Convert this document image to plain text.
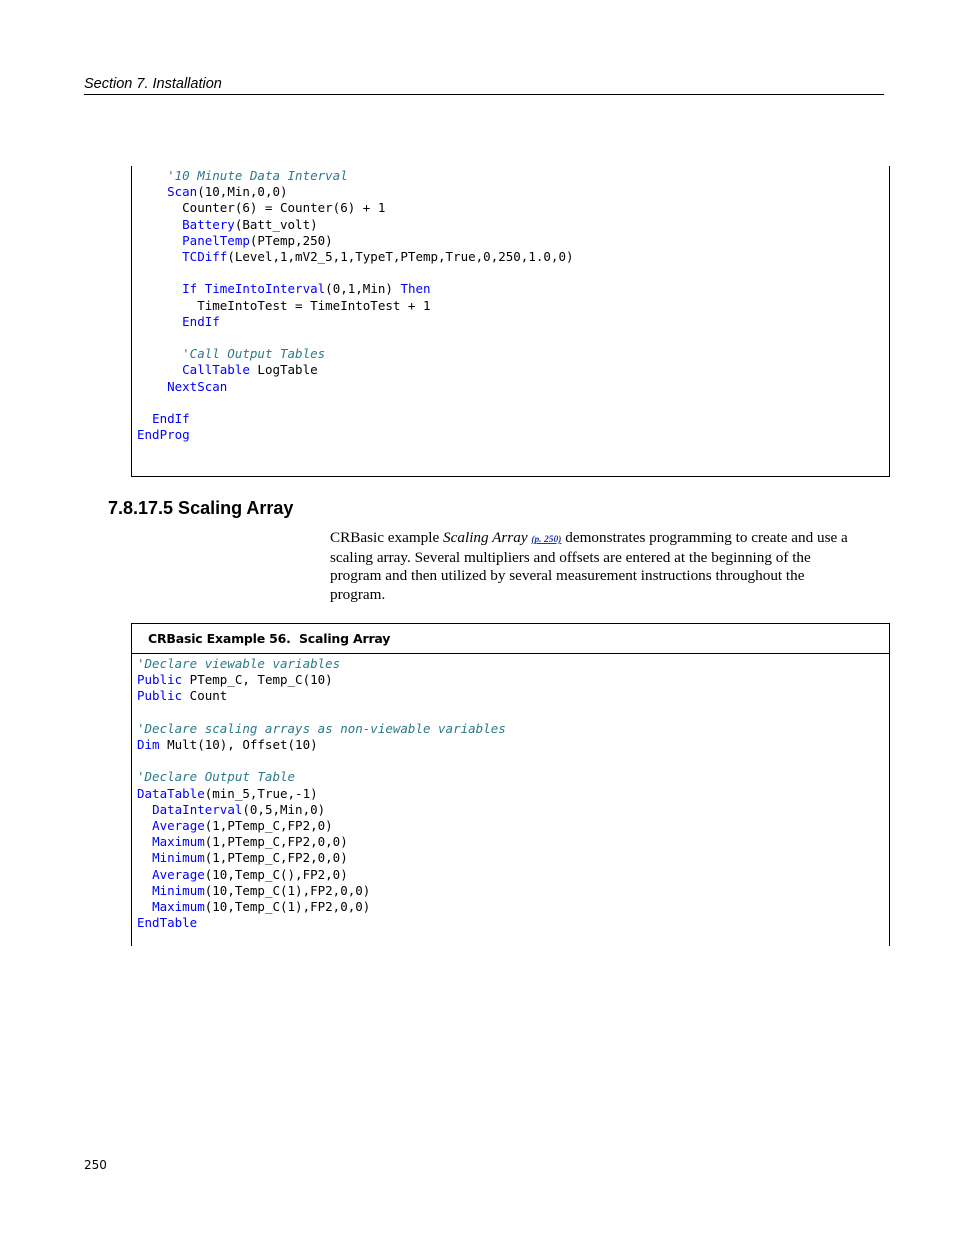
Section 7. Installation
'10 Minute Data Interval
Scan(10,Min,0,0)
Counter(6) = Counter(6) + 1
Battery(Batt_volt)
PanelTemp(PTemp,250)
TCDiff(Level,1,mV2_5,1,TypeT,PTemp,True,0,250,1.0,0)

If TimeIntoInterval(0,1,Min) Then
TimeIntoTest = TimeIntoTest + 1
EndIf

'Call Output Tables
CallTable LogTable
NextScan

EndIf
EndProg
7.8.17.5 Scaling Array
CRBasic example Scaling Array (p. 250) demonstrates programming to create and use a scaling array. Several multipliers and offsets are entered at the beginning of the program and then utilized by several measurement instructions throughout the program.
CRBasic Example 56. Scaling Array
'Declare viewable variables
Public PTemp_C, Temp_C(10)
Public Count

'Declare scaling arrays as non-viewable variables
Dim Mult(10), Offset(10)

'Declare Output Table
DataTable(min_5,True,-1)
DataInterval(0,5,Min,0)
Average(1,PTemp_C,FP2,0)
Maximum(1,PTemp_C,FP2,0,0)
Minimum(1,PTemp_C,FP2,0,0)
Average(10,Temp_C(),FP2,0)
Minimum(10,Temp_C(1),FP2,0,0)
Maximum(10,Temp_C(1),FP2,0,0)
EndTable
250
